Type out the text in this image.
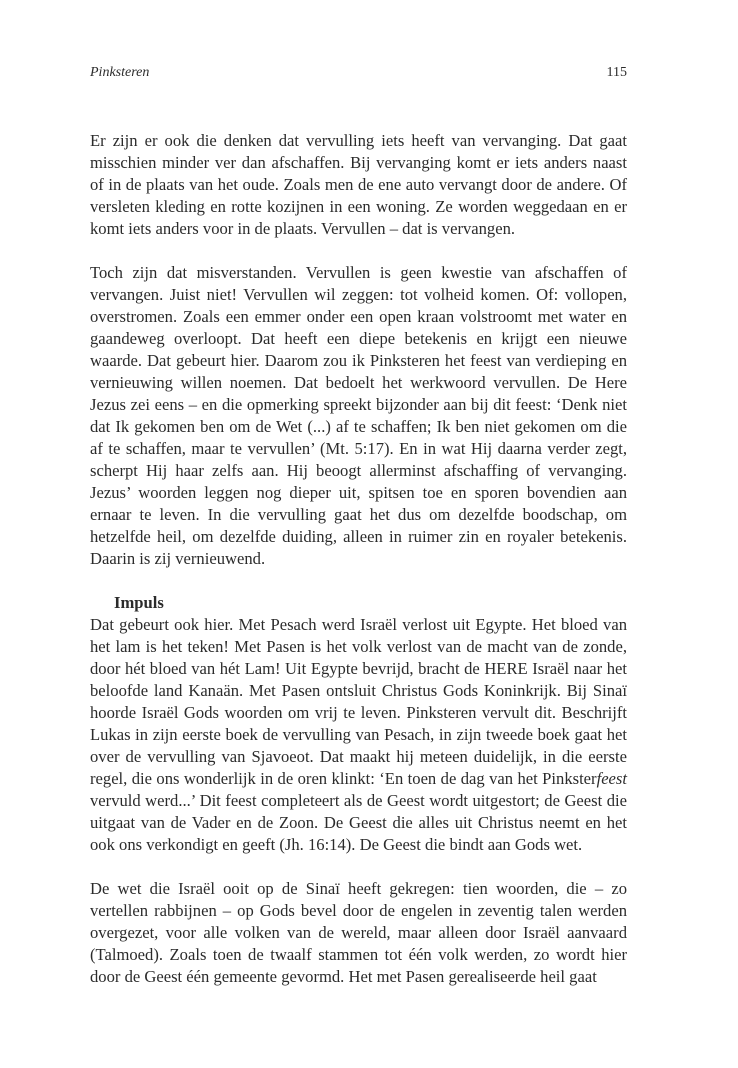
Pinksteren	115

Er zijn er ook die denken dat vervulling iets heeft van vervanging. Dat gaat misschien minder ver dan afschaffen. Bij vervanging komt er iets anders naast of in de plaats van het oude. Zoals men de ene auto vervangt door de andere. Of versleten kleding en rotte kozijnen in een woning. Ze worden weggedaan en er komt iets anders voor in de plaats. Vervullen – dat is vervangen.

Toch zijn dat misverstanden. Vervullen is geen kwestie van afschaffen of vervangen. Juist niet! Vervullen wil zeggen: tot volheid komen. Of: vollopen, overstromen. Zoals een emmer onder een open kraan volstroomt met water en gaandeweg overloopt. Dat heeft een diepe betekenis en krijgt een nieuwe waarde. Dat gebeurt hier. Daarom zou ik Pinksteren het feest van verdieping en vernieuwing willen noemen. Dat bedoelt het werkwoord vervullen. De Here Jezus zei eens – en die opmerking spreekt bijzonder aan bij dit feest: ‘Denk niet dat Ik gekomen ben om de Wet (...) af te schaffen; Ik ben niet gekomen om die af te schaffen, maar te vervullen’ (Mt. 5:17). En in wat Hij daarna verder zegt, scherpt Hij haar zelfs aan. Hij beoogt allerminst afschaffing of vervanging. Jezus’ woorden leggen nog dieper uit, spitsen toe en sporen bovendien aan ernaar te leven. In die vervulling gaat het dus om dezelfde boodschap, om hetzelfde heil, om dezelfde duiding, alleen in ruimer zin en royaler betekenis. Daarin is zij vernieuwend.

Impuls

Dat gebeurt ook hier. Met Pesach werd Israël verlost uit Egypte. Het bloed van het lam is het teken! Met Pasen is het volk verlost van de macht van de zonde, door hét bloed van hét Lam! Uit Egypte bevrijd, bracht de HERE Israël naar het beloofde land Kanaän. Met Pasen ontsluit Christus Gods Koninkrijk. Bij Sinaï hoorde Israël Gods woorden om vrij te leven. Pinksteren vervult dit. Beschrijft Lukas in zijn eerste boek de vervulling van Pesach, in zijn tweede boek gaat het over de vervulling van Sjavoeot. Dat maakt hij meteen duidelijk, in die eerste regel, die ons wonderlijk in de oren klinkt: ‘En toen de dag van het Pinksterfeest vervuld werd...’ Dit feest completeert als de Geest wordt uitgestort; de Geest die uitgaat van de Vader en de Zoon. De Geest die alles uit Christus neemt en het ook ons verkondigt en geeft (Jh. 16:14). De Geest die bindt aan Gods wet.

De wet die Israël ooit op de Sinaï heeft gekregen: tien woorden, die – zo vertellen rabbijnen – op Gods bevel door de engelen in zeventig talen werden overgezet, voor alle volken van de wereld, maar alleen door Israël aanvaard (Talmoed). Zoals toen de twaalf stammen tot één volk werden, zo wordt hier door de Geest één gemeente gevormd. Het met Pasen gerealiseerde heil gaat
